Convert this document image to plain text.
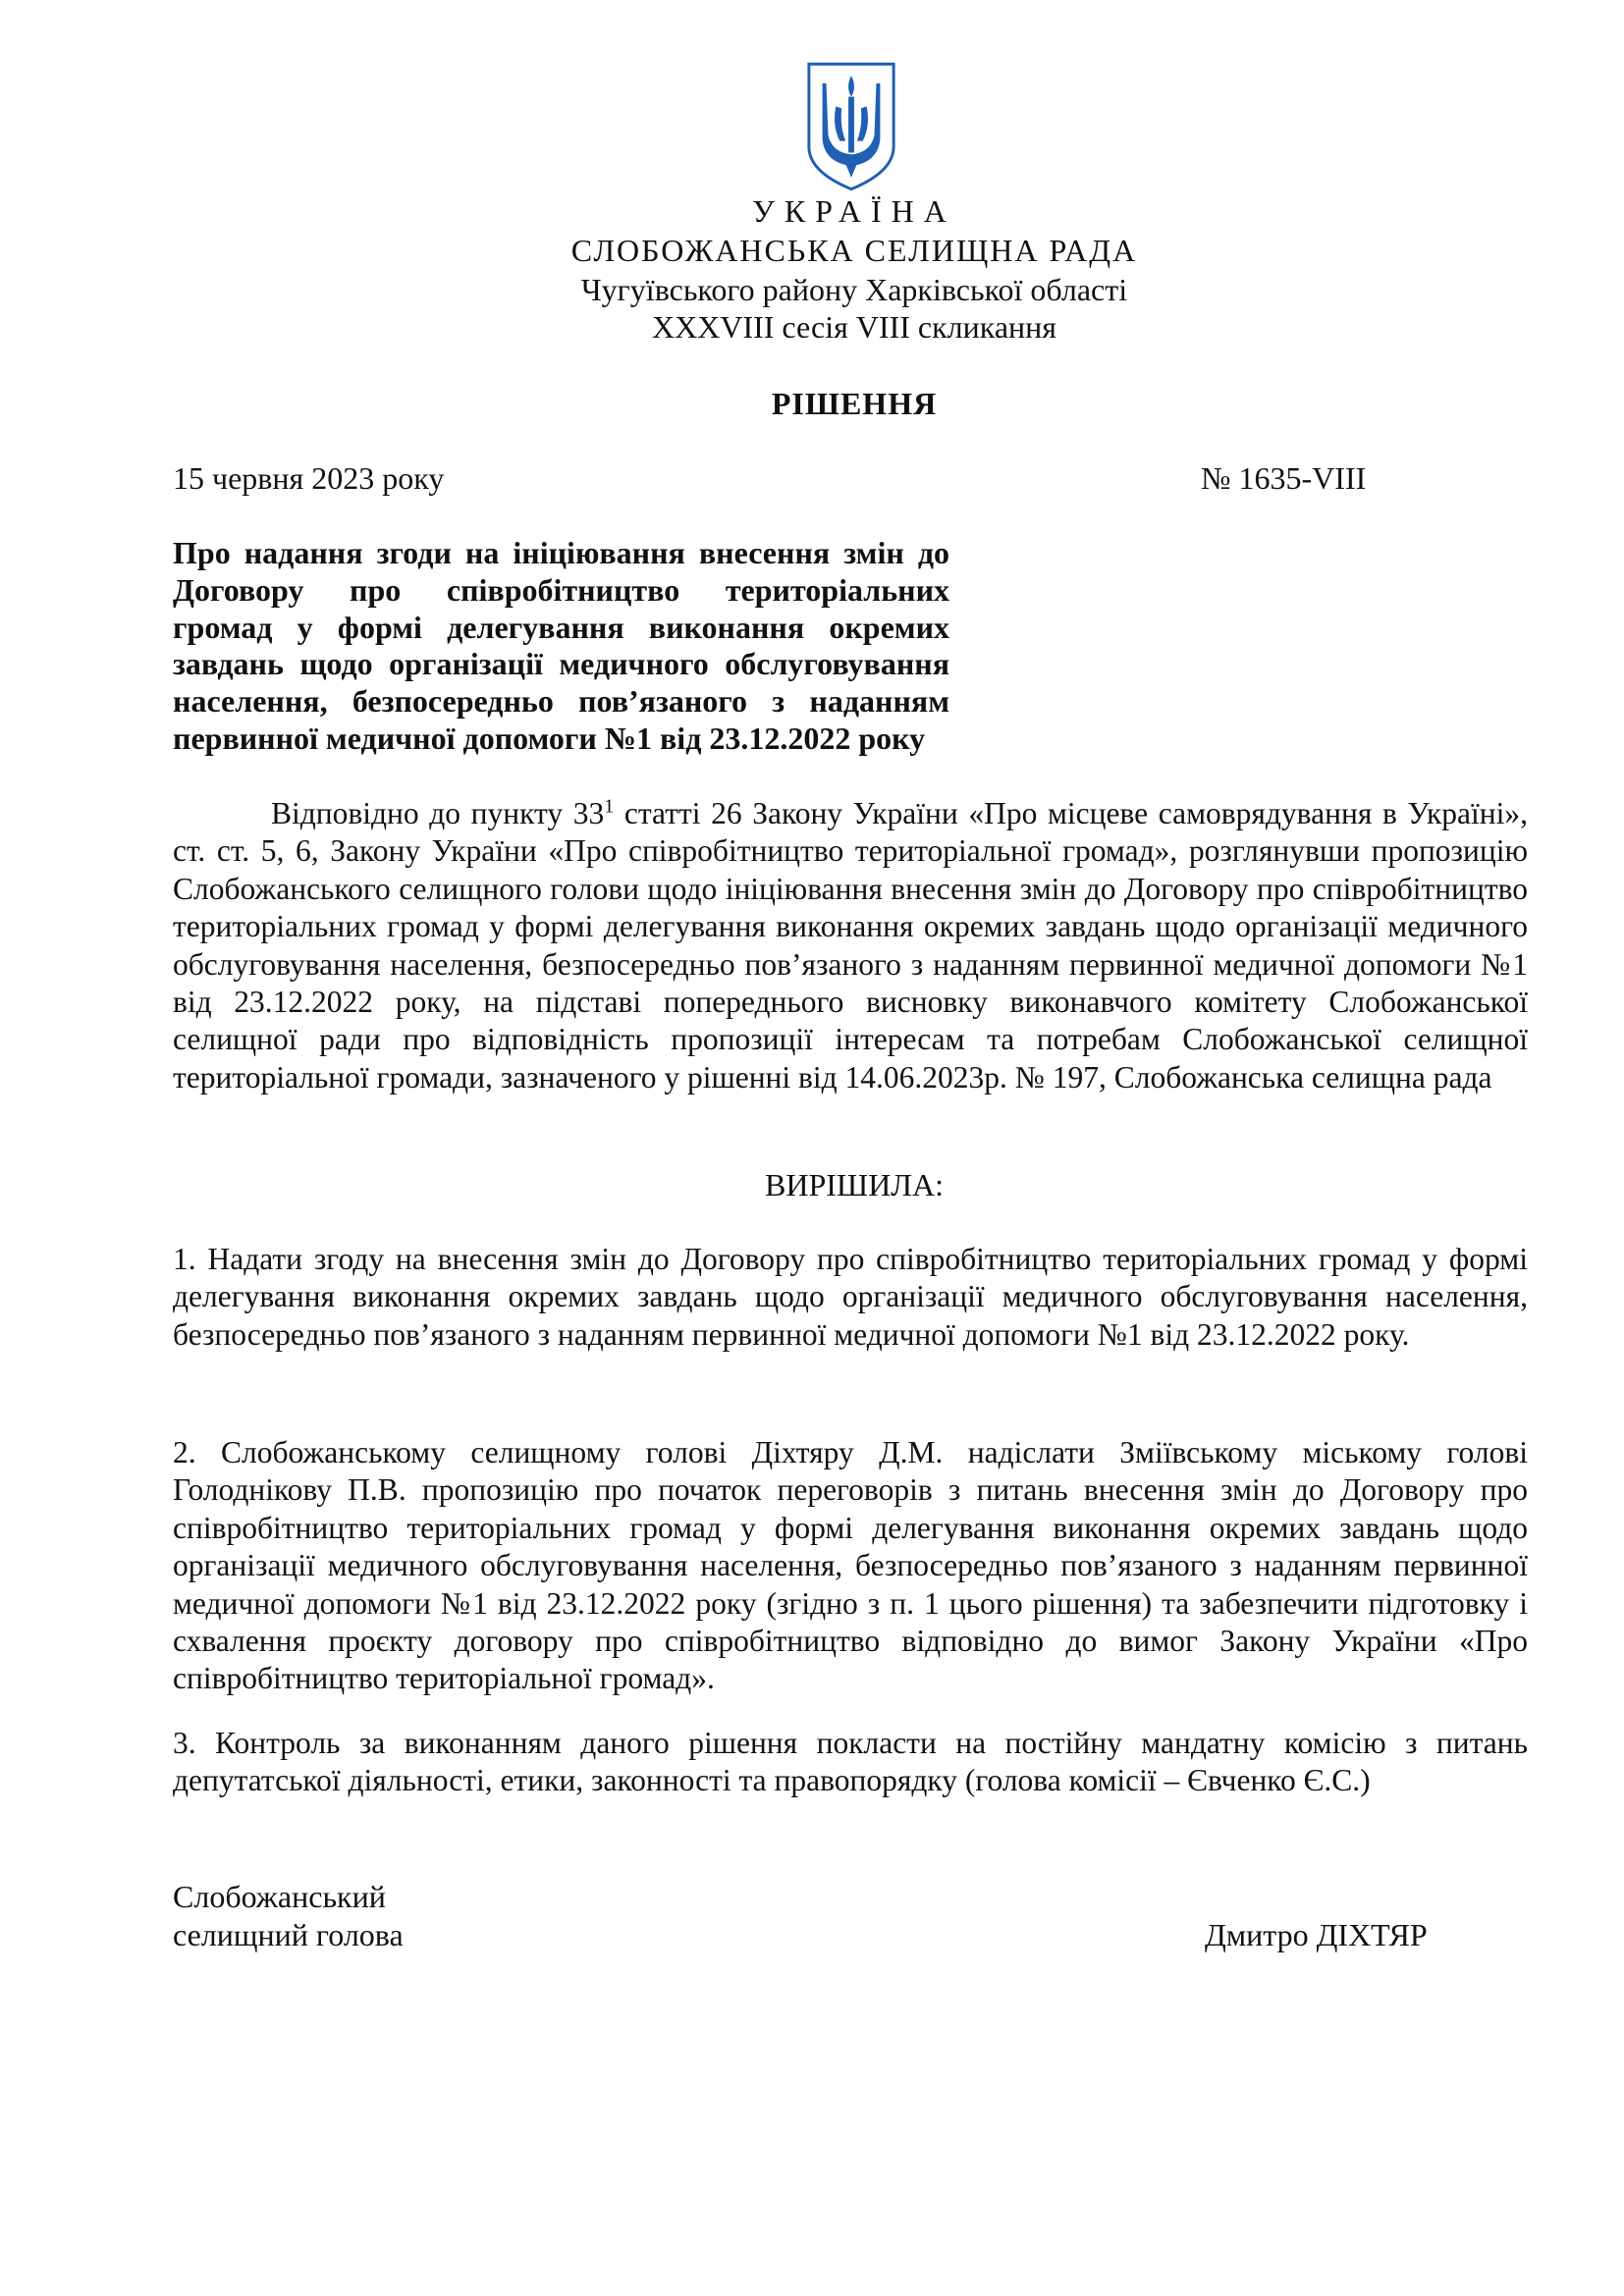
УКРАЇНА
СЛОБОЖАНСЬКА СЕЛИЩНА РАДА
Чугуївського району Харківської області
XXXVIII сесія VIII скликання
РІШЕННЯ
15 червня 2023 року	№ 1635-VIII
Про надання згоди на ініціювання внесення змін до
Договору про співробітництво територіальних
громад у формі делегування виконання окремих
завдань щодо організації медичного обслуговування
населення, безпосередньо пов’язаного з наданням
первинної медичної допомоги №1 від 23.12.2022 року
Відповідно до пункту $33^1$ статті 26 Закону України «Про місцеве самоврядування в Україні», ст. ст. 5, 6, Закону України «Про співробітництво територіальної громад», розглянувши пропозицію Слобожанського селищного голови щодо ініціювання внесення змін до Договору про співробітництво територіальних громад у формі делегування виконання окремих завдань щодо організації медичного обслуговування населення, безпосередньо пов’язаного з наданням первинної медичної допомоги №1 від 23.12.2022 року, на підставі попереднього висновку виконавчого комітету Слобожанської селищної ради про відповідність пропозиції інтересам та потребам Слобожанської селищної територіальної громади, зазначеного у рішенні від 14.06.2023р. № 197, Слобожанська селищна рада
ВИРІШИЛА:
1. Надати згоду на внесення змін до Договору про співробітництво територіальних громад у формі делегування виконання окремих завдань щодо організації медичного обслуговування населення, безпосередньо пов’язаного з наданням первинної медичної допомоги №1 від 23.12.2022 року.
2. Слобожанському селищному голові Діхтяру Д.М. надіслати Зміївському міському голові Голоднікову П.В. пропозицію про початок переговорів з питань внесення змін до Договору про співробітництво територіальних громад у формі делегування виконання окремих завдань щодо організації медичного обслуговування населення, безпосередньо пов’язаного з наданням первинної медичної допомоги №1 від 23.12.2022 року (згідно з п. 1 цього рішення) та забезпечити підготовку і схвалення проєкту договору про співробітництво відповідно до вимог Закону України «Про співробітництво територіальної громад».
3. Контроль за виконанням даного рішення покласти на постійну мандатну комісію з питань депутатської діяльності, етики, законності та правопорядку (голова комісії – Євченко Є.С.)
Слобожанський
селищний голова	Дмитро ДІХТЯР
